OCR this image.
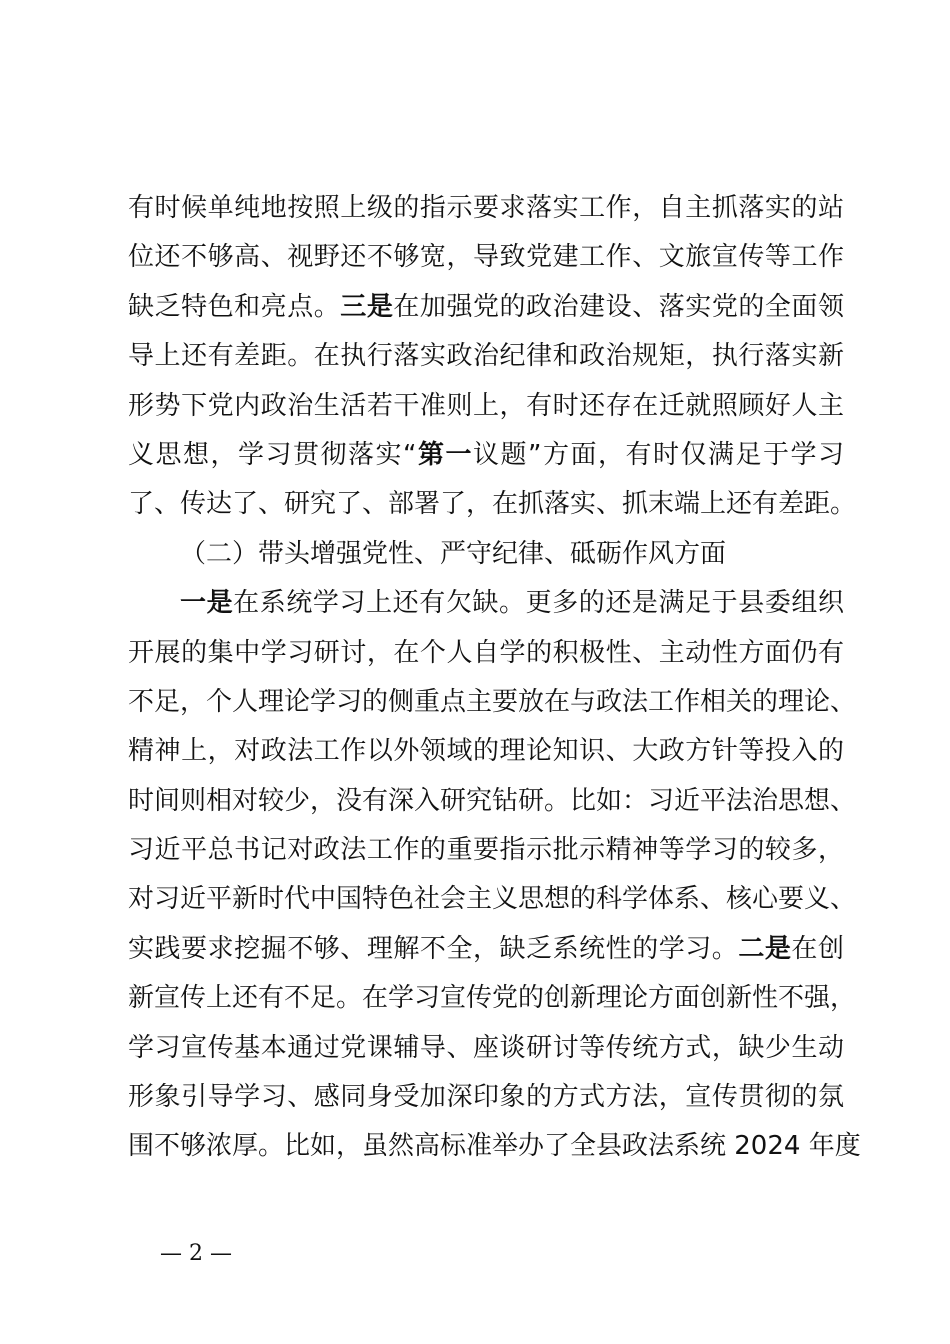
有时候单纯地按照上级的指示要求落实工作，自主抓落实的站
位还不够高、视野还不够宽，导致党建工作、文旅宣传等工作
缺乏特色和亮点。三是在加强党的政治建设、落实党的全面领
导上还有差距。在执行落实政治纪律和政治规矩，执行落实新
形势下党内政治生活若干准则上，有时还存在迁就照顾好人主
义思想，学习贯彻落实“第一议题”方面，有时仅满足于学习
了、传达了、研究了、部署了，在抓落实、抓末端上还有差距。
（二）带头增强党性、严守纪律、砥砺作风方面
一是在系统学习上还有欠缺。更多的还是满足于县委组织
开展的集中学习研讨，在个人自学的积极性、主动性方面仍有
不足，个人理论学习的侧重点主要放在与政法工作相关的理论、
精神上，对政法工作以外领域的理论知识、大政方针等投入的
时间则相对较少，没有深入研究钻研。比如：习近平法治思想、
习近平总书记对政法工作的重要指示批示精神等学习的较多，
对习近平新时代中国特色社会主义思想的科学体系、核心要义、
实践要求挖掘不够、理解不全，缺乏系统性的学习。二是在创
新宣传上还有不足。在学习宣传党的创新理论方面创新性不强，
学习宣传基本通过党课辅导、座谈研讨等传统方式，缺少生动
形象引导学习、感同身受加深印象的方式方法，宣传贯彻的氛
围不够浓厚。比如，虽然高标准举办了全县政法系统 2024 年度
— 2 —
